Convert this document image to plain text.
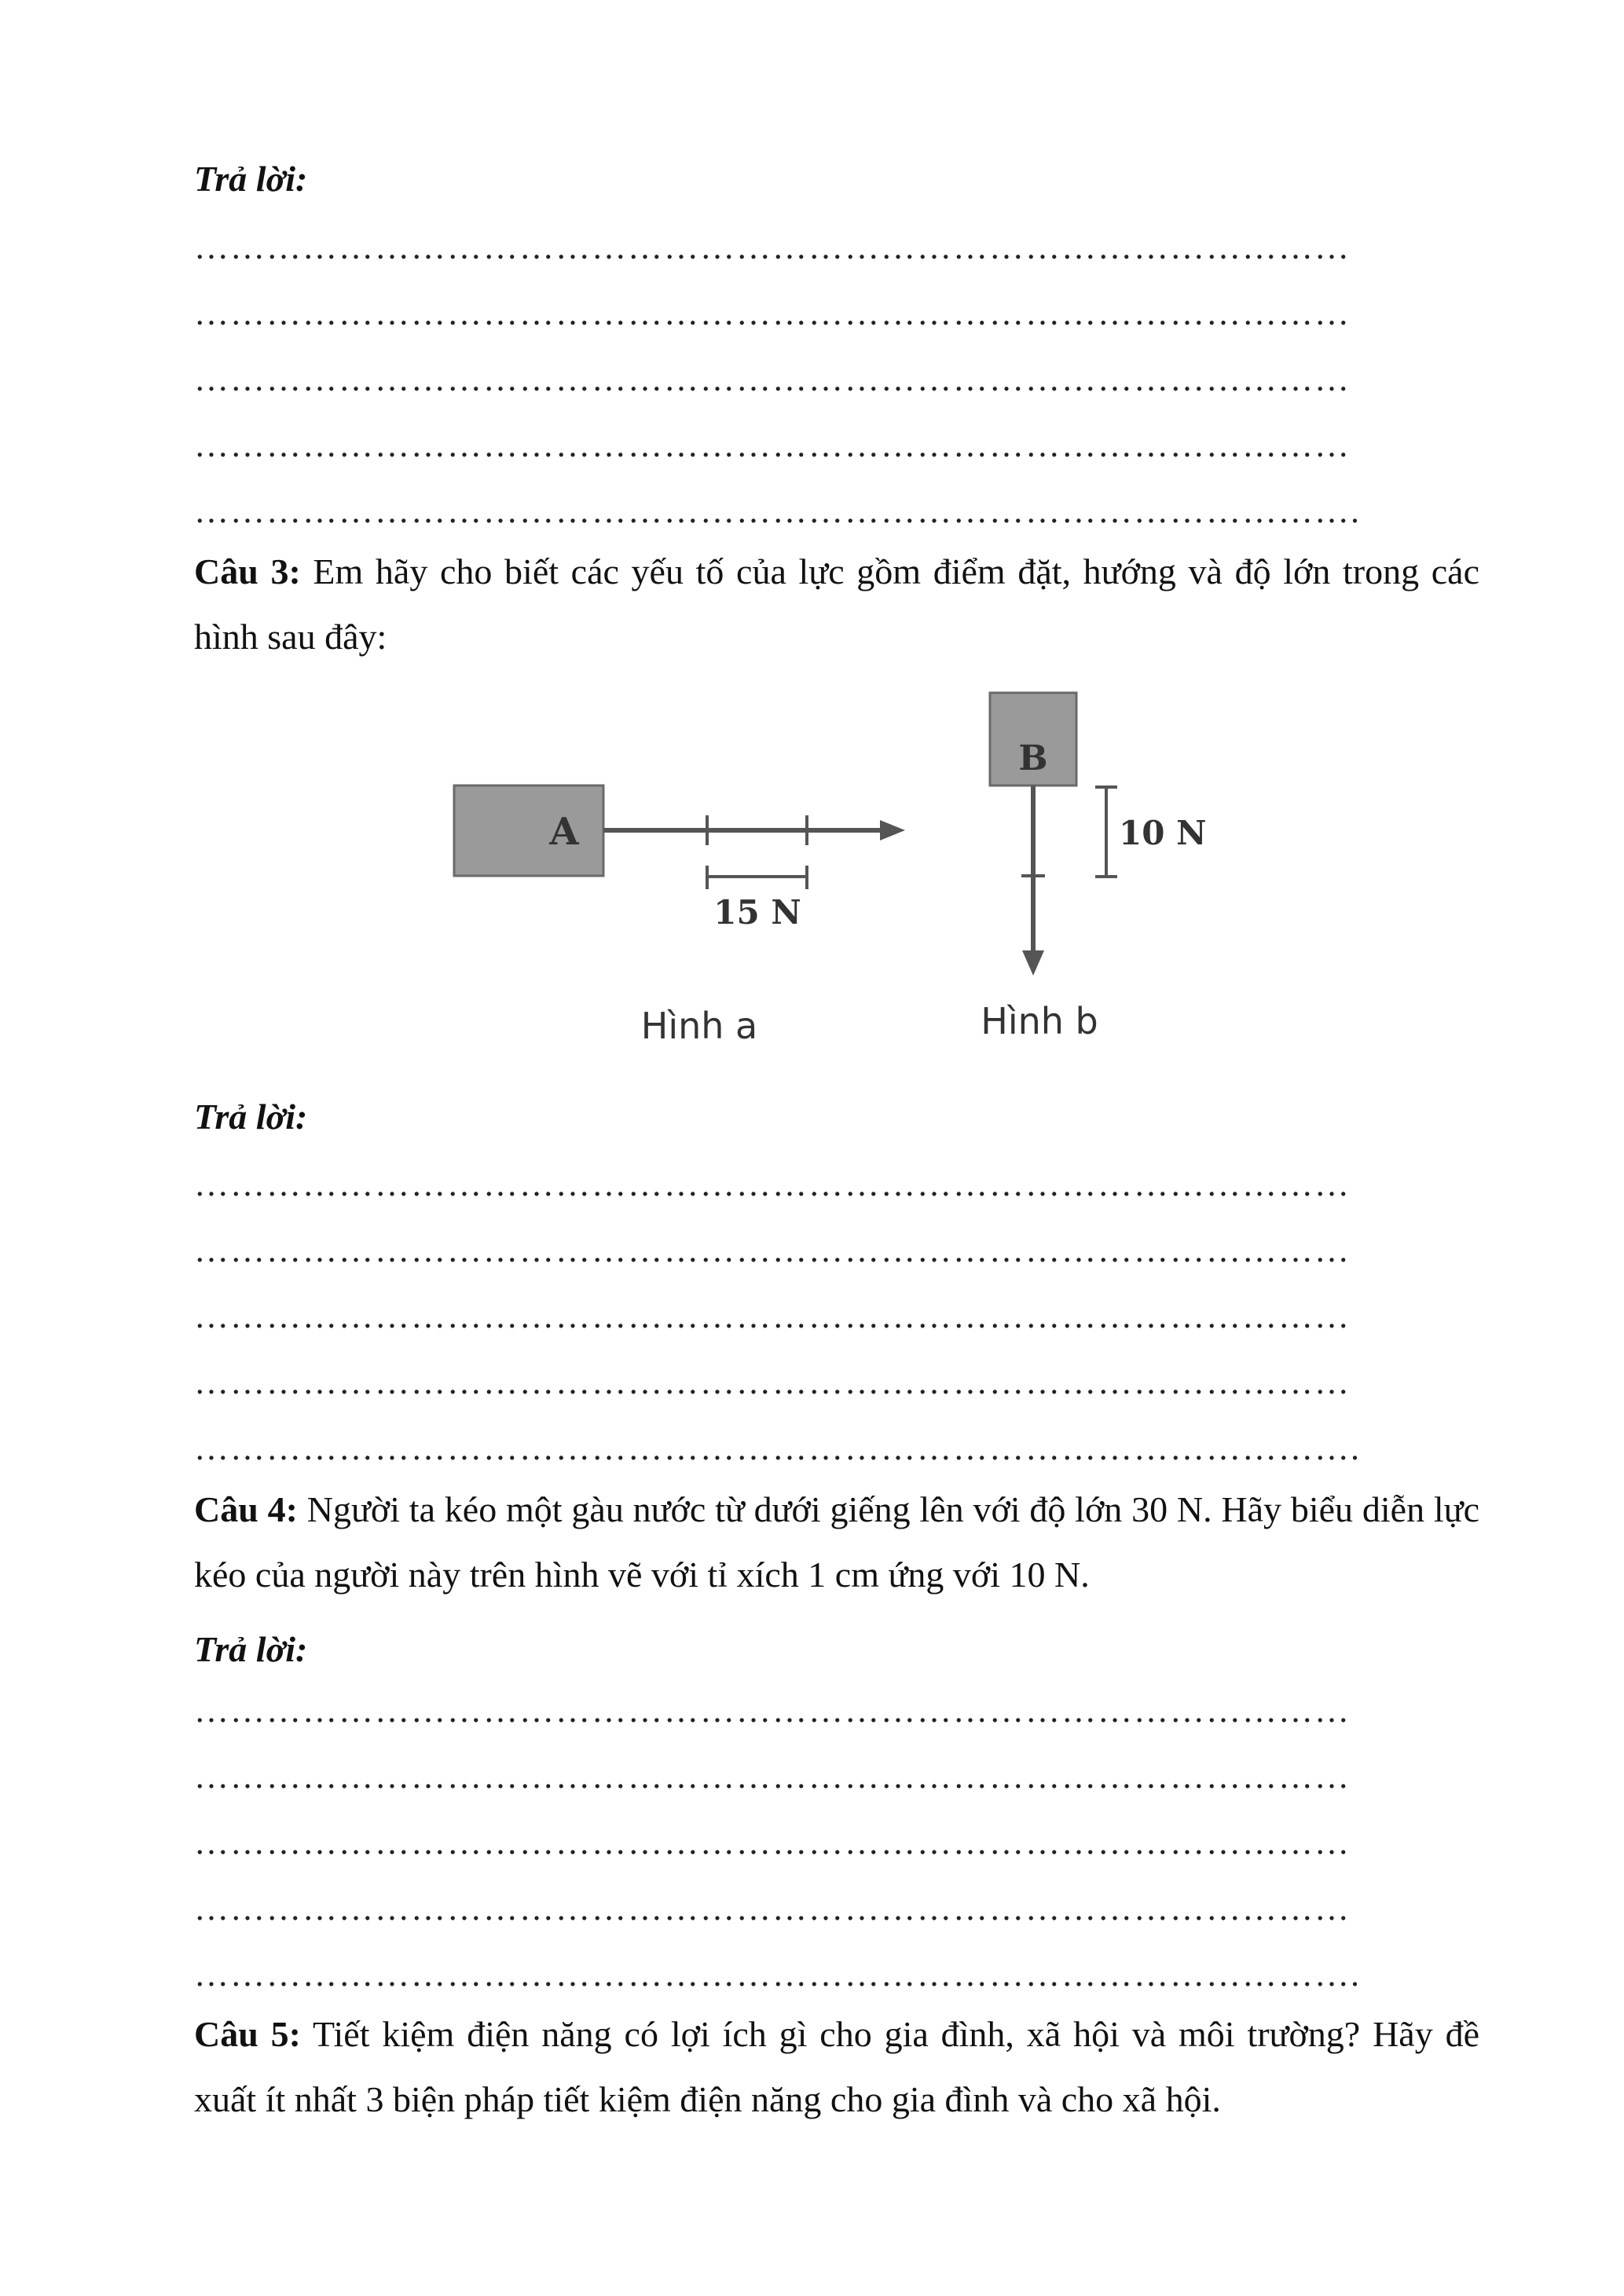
Trả lời:

……………………………………………………………………………………
……………………………………………………………………………………
……………………………………………………………………………………
……………………………………………………………………………………
…………………………………………………………………………………….

Câu 3: Em hãy cho biết các yếu tố của lực gồm điểm đặt, hướng và độ lớn trong các hình sau đây:

A
15 N
Hình a
B
10 N
Hình b

Trả lời:

……………………………………………………………………………………
……………………………………………………………………………………
……………………………………………………………………………………
……………………………………………………………………………………
…………………………………………………………………………………….

Câu 4: Người ta kéo một gàu nước từ dưới giếng lên với độ lớn 30 N. Hãy biểu diễn lực kéo của người này trên hình vẽ với tỉ xích 1 cm ứng với 10 N.

Trả lời:

……………………………………………………………………………………
……………………………………………………………………………………
……………………………………………………………………………………
……………………………………………………………………………………
…………………………………………………………………………………….

Câu 5: Tiết kiệm điện năng có lợi ích gì cho gia đình, xã hội và môi trường? Hãy đề xuất ít nhất 3 biện pháp tiết kiệm điện năng cho gia đình và cho xã hội.
